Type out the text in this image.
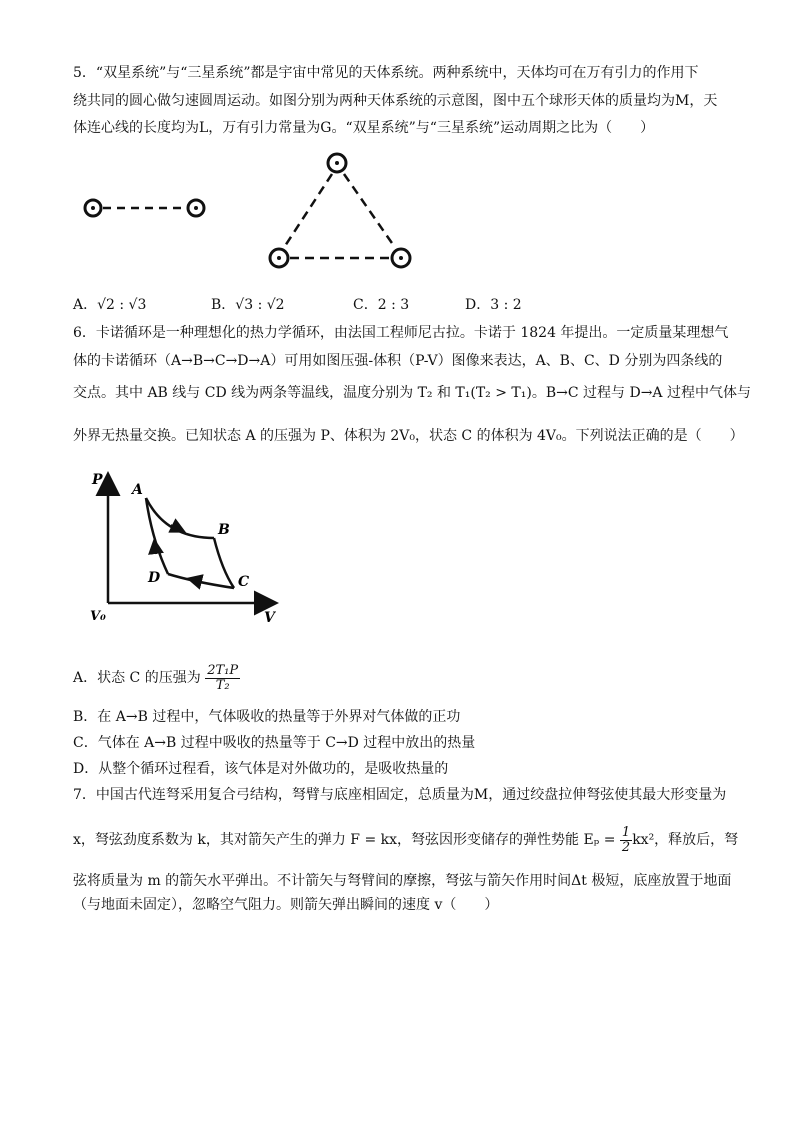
5．“双星系统”与“三星系统”都是宇宙中常见的天体系统。两种系统中，天体均可在万有引力的作用下
绕共同的圆心做匀速圆周运动。如图分别为两种天体系统的示意图，图中五个球形天体的质量均为M，天
体连心线的长度均为L，万有引力常量为G。“双星系统”与“三星系统”运动周期之比为（　　）
A．√2 : √3	B．√3 : √2	C．2 : 3	D．3 : 2
6．卡诺循环是一种理想化的热力学循环，由法国工程师尼古拉。卡诺于 1824 年提出。一定质量某理想气
体的卡诺循环（A→B→C→D→A）可用如图压强-体积（P-V）图像来表达，A、B、C、D 分别为四条线的
交点。其中 AB 线与 CD 线为两条等温线，温度分别为 T₂ 和 T₁(T₂ > T₁)。B→C 过程与 D→A 过程中气体与
外界无热量交换。已知状态 A 的压强为 P、体积为 2V₀，状态 C 的体积为 4V₀。下列说法正确的是（　　）
P
V
V₀
A
B
C
D
A．状态 C 的压强为 $\frac{\text{2T₁P}}{\text{T₂}}$
B．在 A→B 过程中，气体吸收的热量等于外界对气体做的正功
C．气体在 A→B 过程中吸收的热量等于 C→D 过程中放出的热量
D．从整个循环过程看，该气体是对外做功的，是吸收热量的
7．中国古代连弩采用复合弓结构，弩臂与底座相固定，总质量为M，通过绞盘拉伸弩弦使其最大形变量为
x，弩弦劲度系数为 k，其对箭矢产生的弹力 F = kx，弩弦因形变储存的弹性势能 $E_p = \frac{1}{2} kx^2$，释放后，弩
弦将质量为 m 的箭矢水平弹出。不计箭矢与弩臂间的摩擦，弩弦与箭矢作用时间Δt 极短，底座放置于地面
（与地面未固定），忽略空气阻力。则箭矢弹出瞬间的速度 v（　　）
